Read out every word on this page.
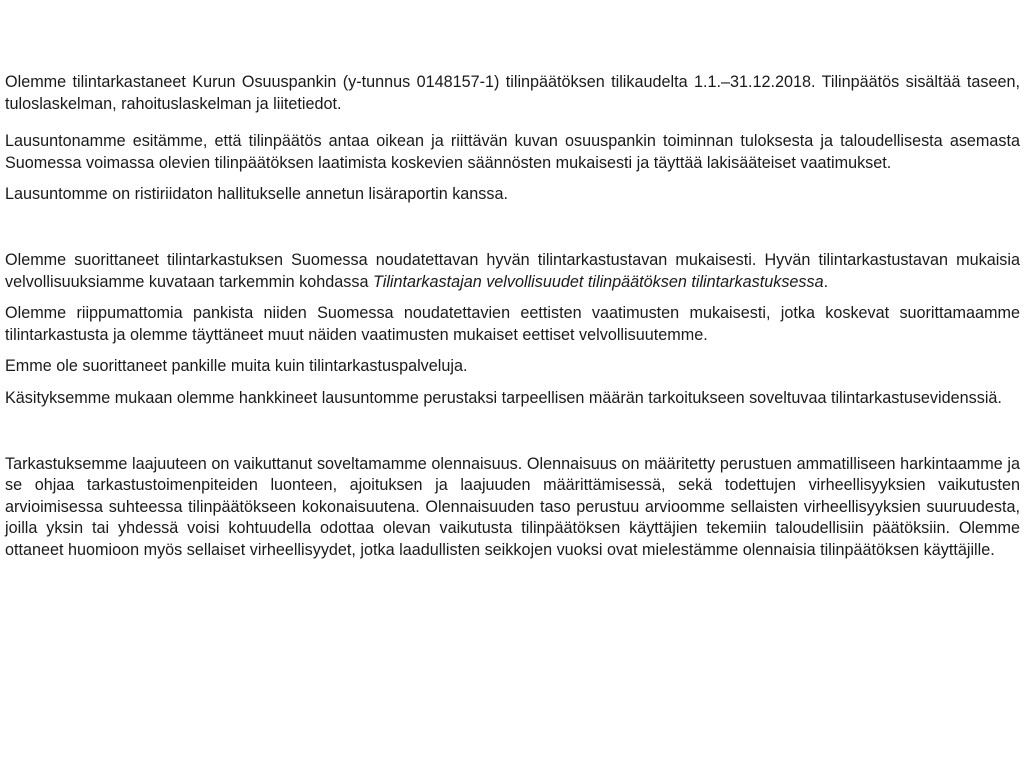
Olemme tilintarkastaneet Kurun Osuuspankin (y-tunnus 0148157-1) tilinpäätöksen tilikaudelta 1.1.–31.12.2018. Tilinpäätös sisältää taseen, tuloslaskelman, rahoituslaskelman ja liitetiedot.

Lausuntonamme esitämme, että tilinpäätös antaa oikean ja riittävän kuvan osuuspankin toiminnan tuloksesta ja taloudellisesta asemasta Suomessa voimassa olevien tilinpäätöksen laatimista koskevien säännösten mukaisesti ja täyttää lakisääteiset vaatimukset.

Lausuntomme on ristiriidaton hallitukselle annetun lisäraportin kanssa.

Olemme suorittaneet tilintarkastuksen Suomessa noudatettavan hyvän tilintarkastustavan mukaisesti. Hyvän tilintarkastustavan mukaisia velvollisuuksiamme kuvataan tarkemmin kohdassa Tilintarkastajan velvollisuudet tilinpäätöksen tilintarkastuksessa.

Olemme riippumattomia pankista niiden Suomessa noudatettavien eettisten vaatimusten mukaisesti, jotka koskevat suorittamaamme tilintarkastusta ja olemme täyttäneet muut näiden vaatimusten mukaiset eettiset velvollisuutemme.

Emme ole suorittaneet pankille muita kuin tilintarkastuspalveluja.

Käsityksemme mukaan olemme hankkineet lausuntomme perustaksi tarpeellisen määrän tarkoitukseen soveltuvaa tilintarkastusevidenssiä.

Tarkastuksemme laajuuteen on vaikuttanut soveltamamme olennaisuus. Olennaisuus on määritetty perustuen ammatilliseen harkintaamme ja se ohjaa tarkastustoimenpiteiden luonteen, ajoituksen ja laajuuden määrittämisessä, sekä todettujen virheellisyyksien vaikutusten arvioimisessa suhteessa tilinpäätökseen kokonaisuutena. Olennaisuuden taso perustuu arvioomme sellaisten virheellisyyksien suuruudesta, joilla yksin tai yhdessä voisi kohtuudella odottaa olevan vaikutusta tilinpäätöksen käyttäjien tekemiin taloudellisiin päätöksiin. Olemme ottaneet huomioon myös sellaiset virheellisyydet, jotka laadullisten seikkojen vuoksi ovat mielestämme olennaisia tilinpäätöksen käyttäjille.
